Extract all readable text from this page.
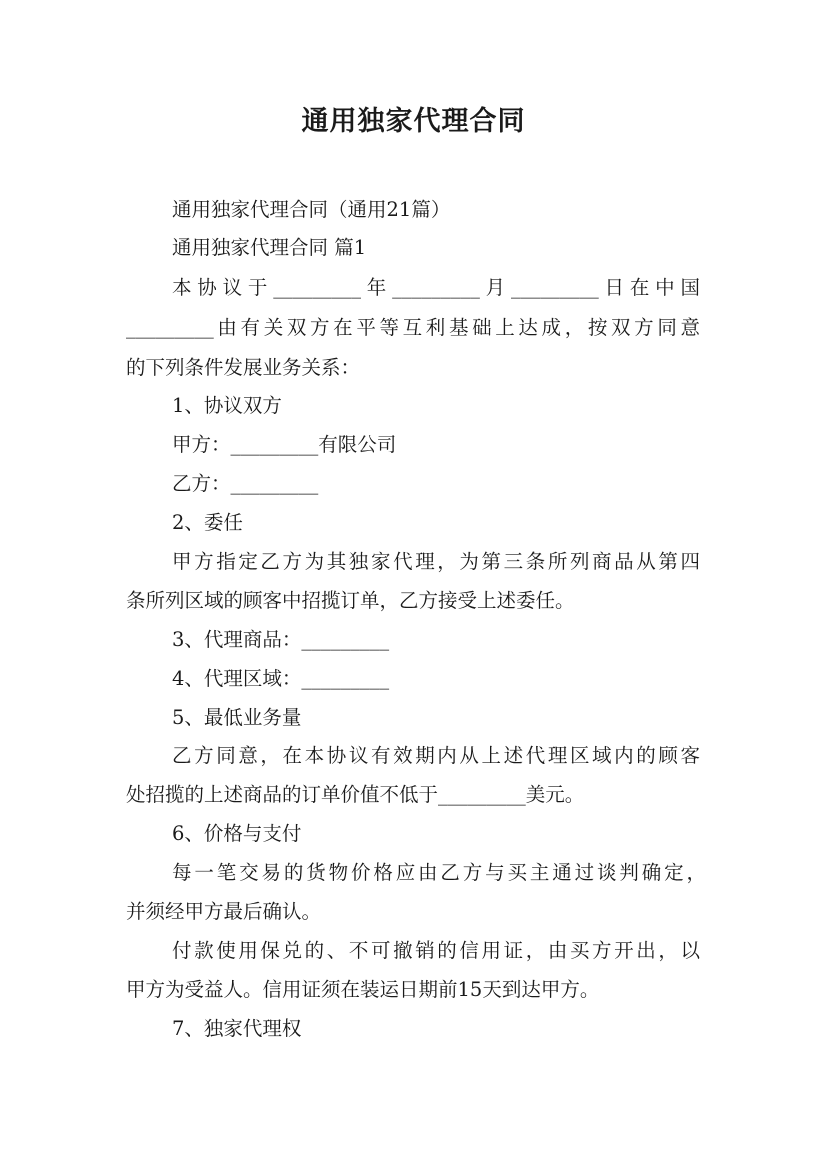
通用独家代理合同
通用独家代理合同（通用21篇）
通用独家代理合同 篇1
本协议于_________年_________月_________日在中国
_________由有关双方在平等互利基础上达成，按双方同意
的下列条件发展业务关系：
1、协议双方
甲方：_________有限公司
乙方：_________
2、委任
甲方指定乙方为其独家代理，为第三条所列商品从第四
条所列区域的顾客中招揽订单，乙方接受上述委任。
3、代理商品：_________
4、代理区域：_________
5、最低业务量
乙方同意，在本协议有效期内从上述代理区域内的顾客
处招揽的上述商品的订单价值不低于_________美元。
6、价格与支付
每一笔交易的货物价格应由乙方与买主通过谈判确定，
并须经甲方最后确认。
付款使用保兑的、不可撤销的信用证，由买方开出，以
甲方为受益人。信用证须在装运日期前15天到达甲方。
7、独家代理权
